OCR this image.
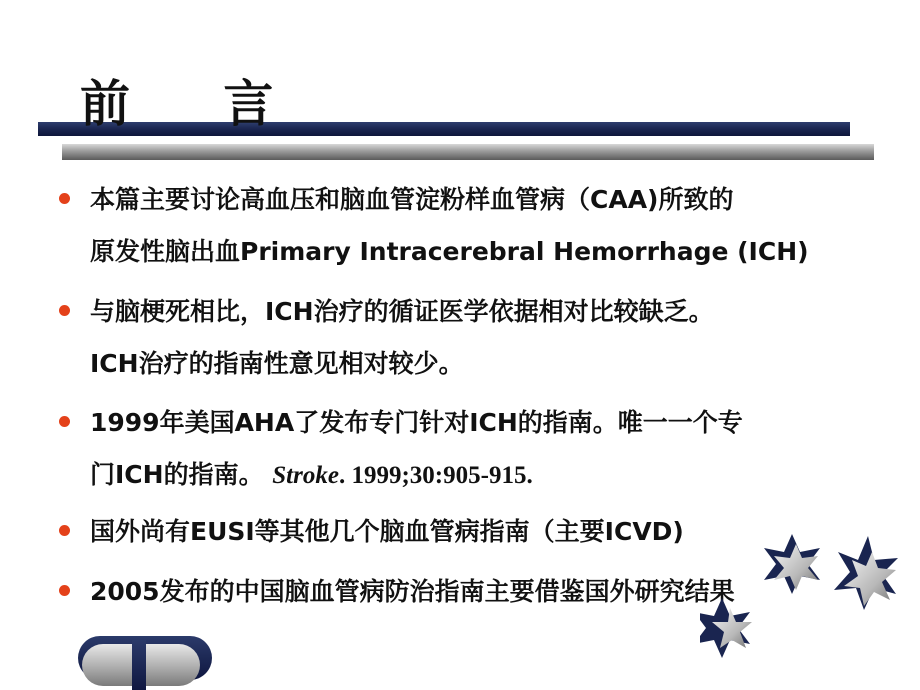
前 言
本篇主要讨论高血压和脑血管淀粉样血管病（CAA)所致的
原发性脑出血Primary Intracerebral Hemorrhage (ICH)
与脑梗死相比，ICH治疗的循证医学依据相对比较缺乏。
ICH治疗的指南性意见相对较少。
1999年美国AHA了发布专门针对ICH的指南。唯一一个专
门ICH的指南。 Stroke. 1999;30:905-915.
国外尚有EUSI等其他几个脑血管病指南（主要ICVD)
2005发布的中国脑血管病防治指南主要借鉴国外研究结果
